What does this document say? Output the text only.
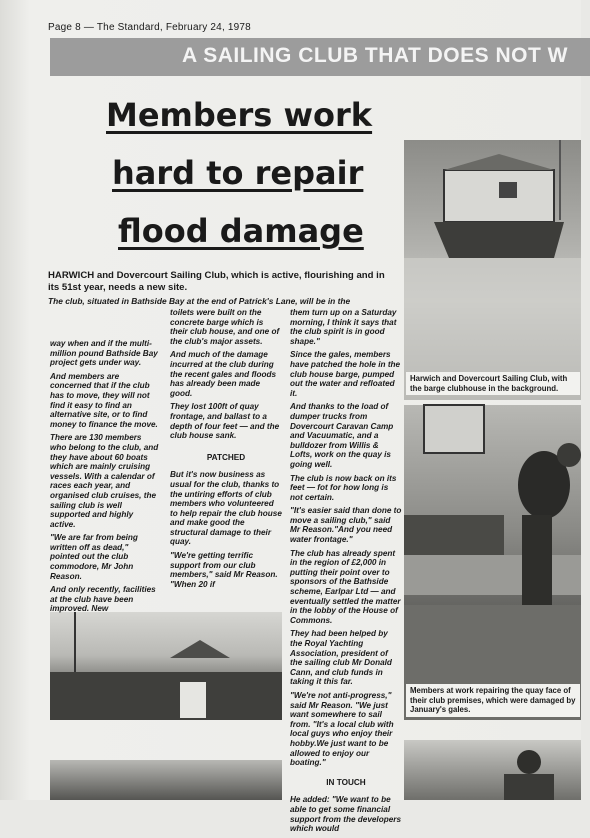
Page 8 — The Standard, February 24, 1978
A SAILING CLUB THAT DOES NOT W
Members work
hard to repair
flood damage
Harwich and Dovercourt Sailing Club, with the barge clubhouse in the background.
Members at work repairing the quay face of their club premises, which were damaged by January's gales.
HARWICH and Dovercourt Sailing Club, which is active, flourishing and in its 51st year, needs a new site.
The club, situated in Bathside Bay at the end of Patrick's Lane, will be in the

way when and if the multi-million pound Bathside Bay project gets under way.

And members are concerned that if the club has to move, they will not find it easy to find an alternative site, or to find money to finance the move.

There are 130 members who belong to the club, and they have about 60 boats which are mainly cruising vessels. With a calendar of races each year, and organised club cruises, the sailing club is well supported and highly active.

"We are far from being written off as dead," pointed out the club commodore, Mr John Reason.

And only recently, facilities at the club have been improved. New

toilets were built on the concrete barge which is their club house, and one of the club's major assets.

And much of the damage incurred at the club during the recent gales and floods has already been made good.

They lost 100ft of quay frontage, and ballast to a depth of four feet — and the club house sank.

PATCHED

But it's now business as usual for the club, thanks to the untiring efforts of club members who volunteered to help repair the club house and make good the structural damage to their quay.

"We're getting terrific support from our club members," said Mr Reason. "When 20 if

them turn up on a Saturday morning, I think it says that the club spirit is in good shape."

Since the gales, members have patched the hole in the club house barge, pumped out the water and refloated it.

And thanks to the load of dumper trucks from Dovercourt Caravan Camp and Vacuumatic, and a bulldozer from Willis & Lofts, work on the quay is going well.

The club is now back on its feet — fot for how long is not certain.

"It's easier said than done to move a sailing club," said Mr Reason."And you need water frontage."

The club has already spent in the region of £2,000 in putting their point over to sponsors of the Bathside scheme, Earlpar Ltd — and eventually settled the matter in the lobby of the House of Commons.

They had been helped by the Royal Yachting Association, president of the sailing club Mr Donald Cann, and club funds in taking it this far.

"We're not anti-progress," said Mr Reason. "We just want somewhere to sail from. "It's a local club with local guys who enjoy their hobby.We just want to be allowed to enjoy our boating."

IN TOUCH

He added: "We want to be able to get some financial support from the developers which would
